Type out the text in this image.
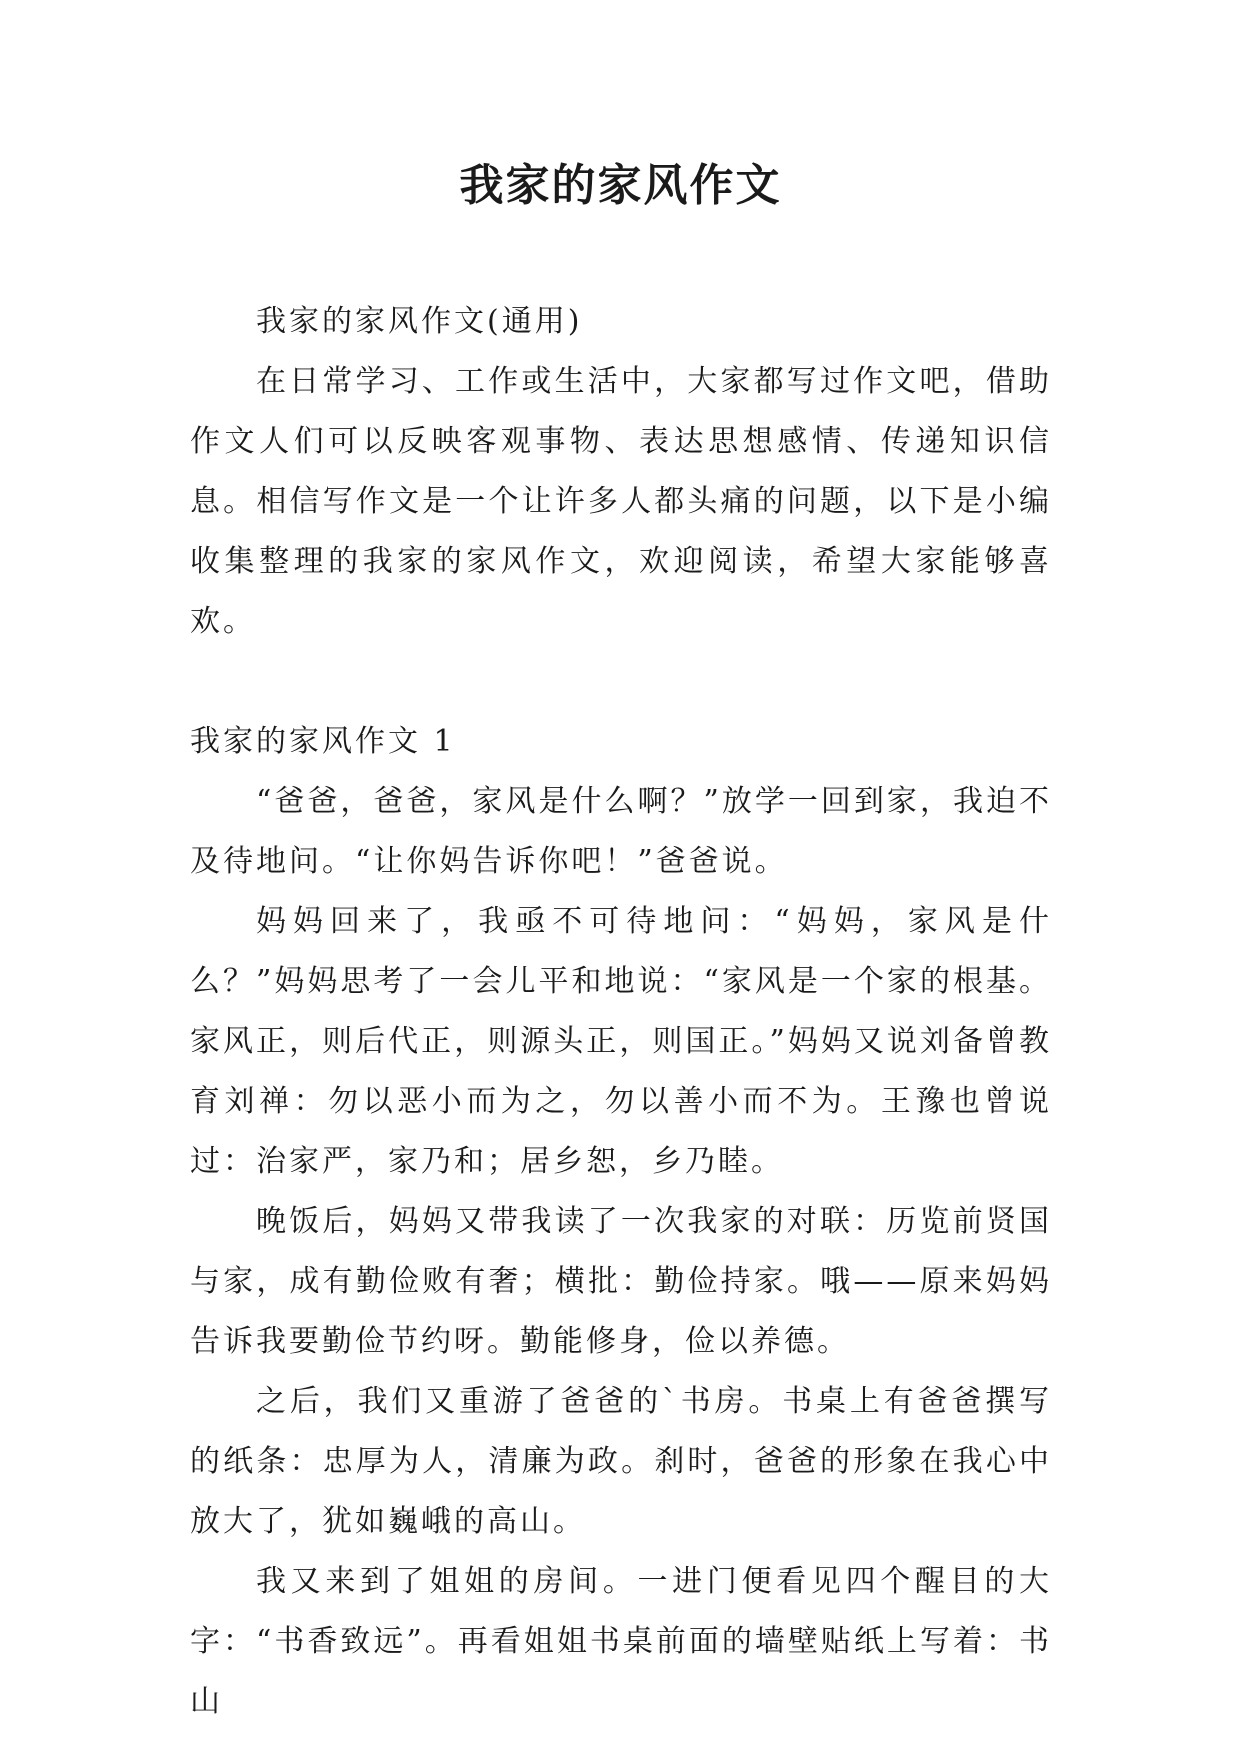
我家的家风作文

我家的家风作文(通用)

在日常学习、工作或生活中，大家都写过作文吧，借助作文人们可以反映客观事物、表达思想感情、传递知识信息。相信写作文是一个让许多人都头痛的问题，以下是小编收集整理的我家的家风作文，欢迎阅读，希望大家能够喜欢。

我家的家风作文 1

“爸爸，爸爸，家风是什么啊？”放学一回到家，我迫不及待地问。“让你妈告诉你吧！”爸爸说。

妈妈回来了，我亟不可待地问：“妈妈，家风是什么？”妈妈思考了一会儿平和地说：“家风是一个家的根基。家风正，则后代正，则源头正，则国正。”妈妈又说刘备曾教育刘禅：勿以恶小而为之，勿以善小而不为。王豫也曾说过：治家严，家乃和；居乡恕，乡乃睦。

晚饭后，妈妈又带我读了一次我家的对联：历览前贤国与家，成有勤俭败有奢；横批：勤俭持家。哦——原来妈妈告诉我要勤俭节约呀。勤能修身，俭以养德。

之后，我们又重游了爸爸的`书房。书桌上有爸爸撰写的纸条：忠厚为人，清廉为政。刹时，爸爸的形象在我心中放大了，犹如巍峨的高山。

我又来到了姐姐的房间。一进门便看见四个醒目的大字：“书香致远”。再看姐姐书桌前面的墙壁贴纸上写着：书山
